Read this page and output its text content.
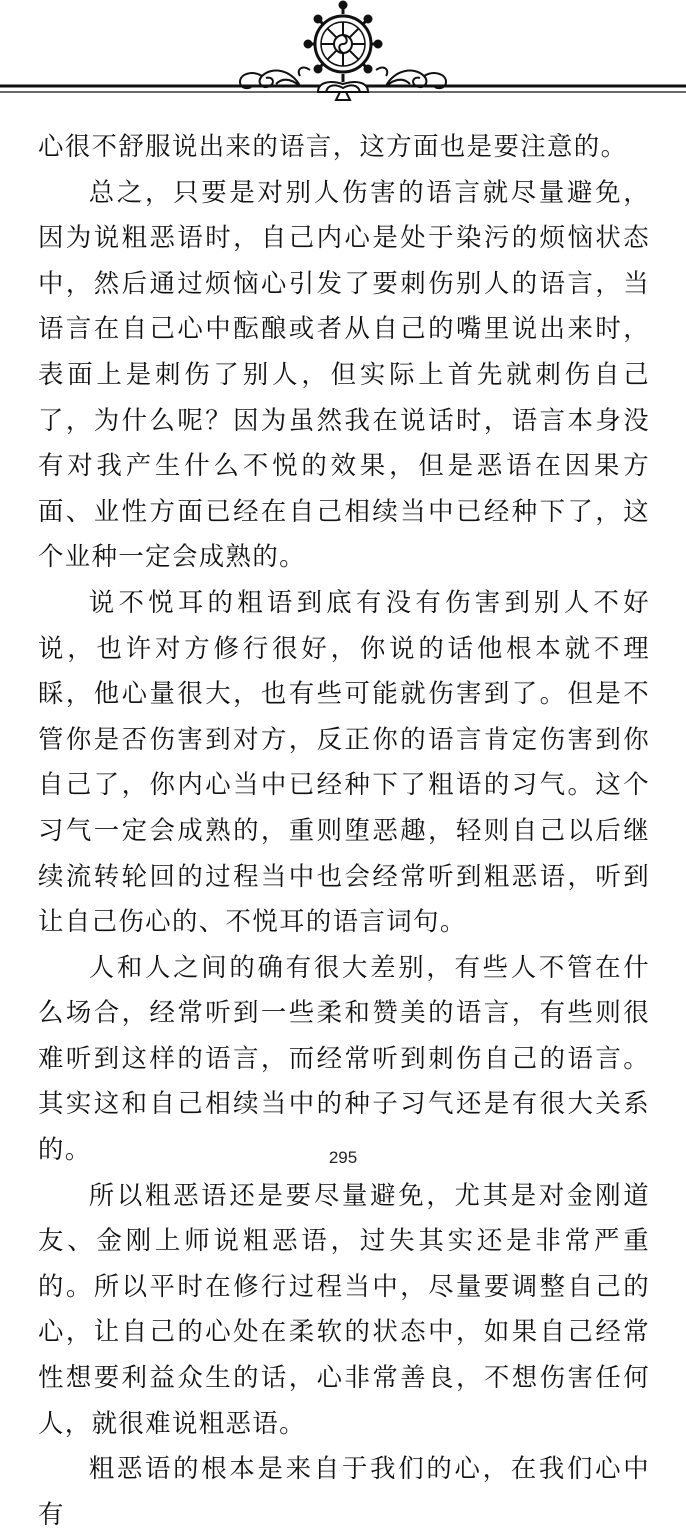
心很不舒服说出来的语言，这方面也是要注意的。

总之，只要是对别人伤害的语言就尽量避免，因为说粗恶语时，自己内心是处于染污的烦恼状态中，然后通过烦恼心引发了要刺伤别人的语言，当语言在自己心中酝酿或者从自己的嘴里说出来时，表面上是刺伤了别人，但实际上首先就刺伤自己了，为什么呢？因为虽然我在说话时，语言本身没有对我产生什么不悦的效果，但是恶语在因果方面、业性方面已经在自己相续当中已经种下了，这个业种一定会成熟的。

说不悦耳的粗语到底有没有伤害到别人不好说，也许对方修行很好，你说的话他根本就不理睬，他心量很大，也有些可能就伤害到了。但是不管你是否伤害到对方，反正你的语言肯定伤害到你自己了，你内心当中已经种下了粗语的习气。这个习气一定会成熟的，重则堕恶趣，轻则自己以后继续流转轮回的过程当中也会经常听到粗恶语，听到让自己伤心的、不悦耳的语言词句。

人和人之间的确有很大差别，有些人不管在什么场合，经常听到一些柔和赞美的语言，有些则很难听到这样的语言，而经常听到刺伤自己的语言。其实这和自己相续当中的种子习气还是有很大关系的。

所以粗恶语还是要尽量避免，尤其是对金刚道友、金刚上师说粗恶语，过失其实还是非常严重的。所以平时在修行过程当中，尽量要调整自己的心，让自己的心处在柔软的状态中，如果自己经常性想要利益众生的话，心非常善良，不想伤害任何人，就很难说粗恶语。

粗恶语的根本是来自于我们的心，在我们心中有

295
